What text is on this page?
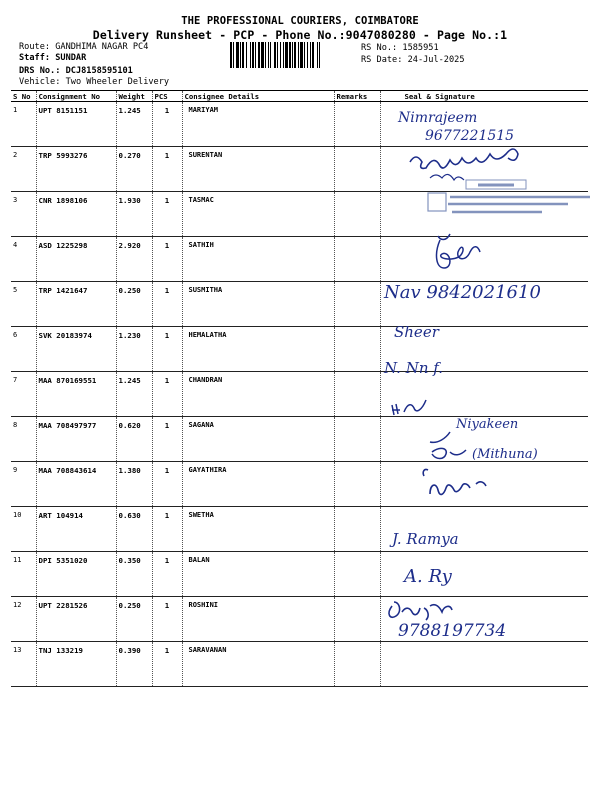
THE PROFESSIONAL COURIERS, COIMBATORE
Delivery Runsheet - PCP - Phone No.:9047080280 - Page No.:1
Route: GANDHIMA NAGAR PC4
Staff: SUNDAR
DRS No.: DCJ8158595101
Vehicle: Two Wheeler Delivery
RS No.: 1585951
RS Date: 24-Jul-2025
S No	Consignment No	Weight	PCS	Consignee Details	Remarks	Seal & Signature
1	UPT 8151151	1.245	1	MARIYAM		
2	TRP 5993276	0.270	1	SURENTAN		
3	CNR 1898106	1.930	1	TASMAC		
4	ASD 1225298	2.920	1	SATHIH		
5	TRP 1421647	0.250	1	SUSMITHA		
6	SVK 20183974	1.230	1	HEMALATHA		
7	MAA 870169551	1.245	1	CHANDRAN		
8	MAA 708497977	0.620	1	SAGANA		
9	MAA 708843614	1.380	1	GAYATHIRA		
10	ART 104914	0.630	1	SWETHA		
11	DPI 5351020	0.350	1	BALAN		
12	UPT 2281526	0.250	1	ROSHINI		
13	TNJ 133219	0.390	1	SARAVANAN		
Nimrajeem
9677221515
Nav 9842021610
Sheer
N. Nn f.
Niyakeen
(Mithuna)
J. Ramya
A. Ry
9788197734
